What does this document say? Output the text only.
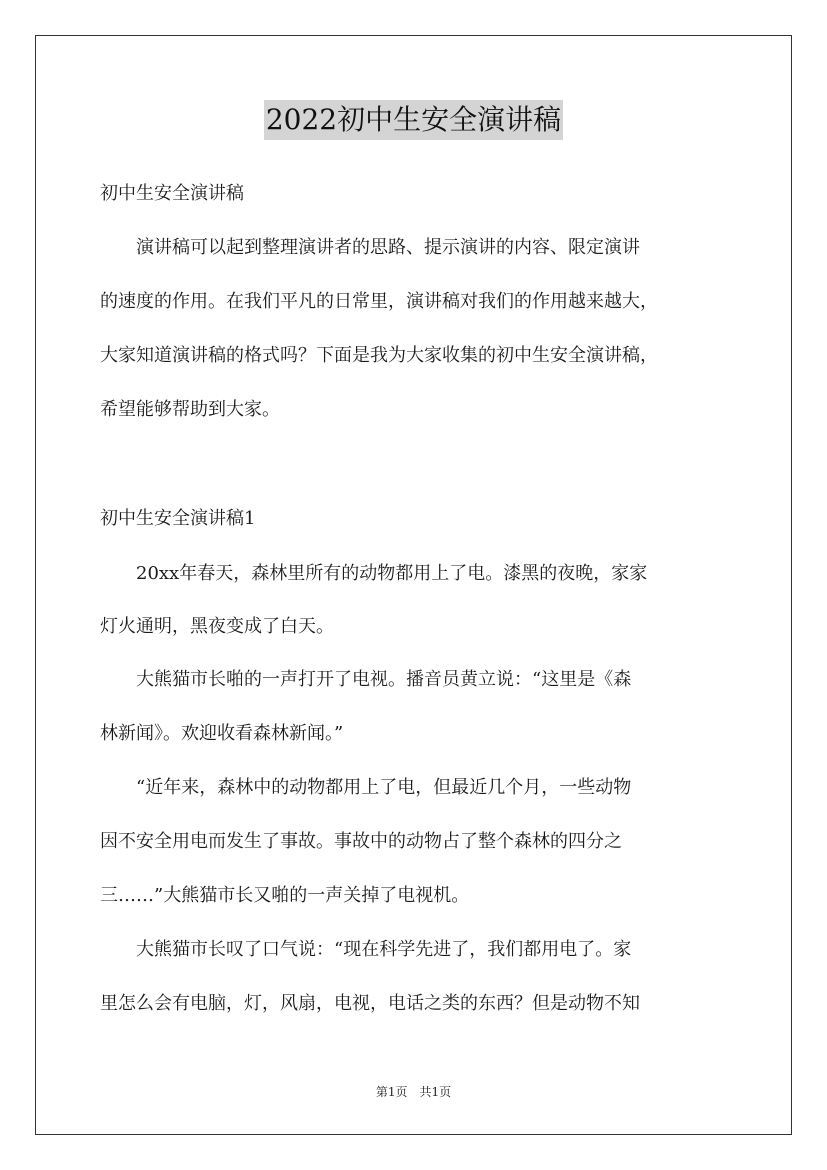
2022初中生安全演讲稿
初中生安全演讲稿
　　演讲稿可以起到整理演讲者的思路、提示演讲的内容、限定演讲
的速度的作用。在我们平凡的日常里，演讲稿对我们的作用越来越大，
大家知道演讲稿的格式吗？下面是我为大家收集的初中生安全演讲稿，
希望能够帮助到大家。
初中生安全演讲稿1
　　20xx年春天，森林里所有的动物都用上了电。漆黑的夜晚，家家
灯火通明，黑夜变成了白天。
　　大熊猫市长啪的一声打开了电视。播音员黄立说：“这里是《森
林新闻》。欢迎收看森林新闻。”
　　“近年来，森林中的动物都用上了电，但最近几个月，一些动物
因不安全用电而发生了事故。事故中的动物占了整个森林的四分之
三……”大熊猫市长又啪的一声关掉了电视机。
　　大熊猫市长叹了口气说：“现在科学先进了，我们都用电了。家
里怎么会有电脑，灯，风扇，电视，电话之类的东西？但是动物不知
第1页　共1页
